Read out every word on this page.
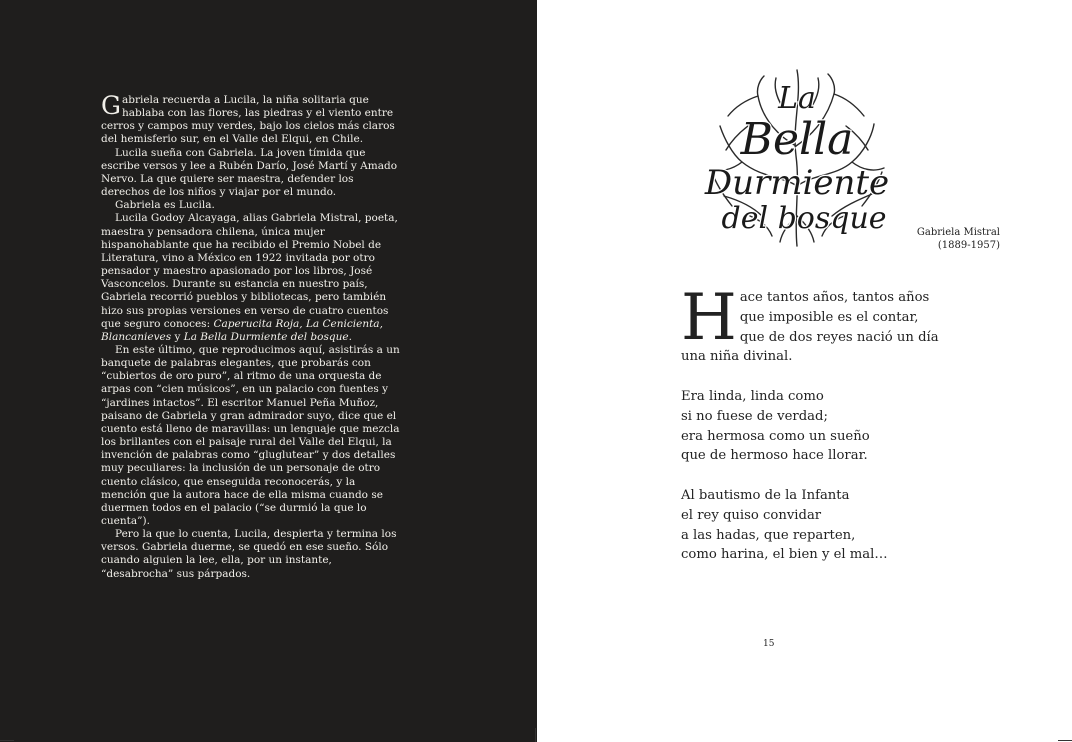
Gabriela recuerda a Lucila, la niña solitaria que hablaba con las flores, las piedras y el viento entre cerros y campos muy verdes, bajo los cielos más claros del hemisferio sur, en el Valle del Elqui, en Chile.

Lucila sueña con Gabriela. La joven tímida que escribe versos y lee a Rubén Darío, José Martí y Amado Nervo. La que quiere ser maestra, defender los derechos de los niños y viajar por el mundo.

Gabriela es Lucila.

Lucila Godoy Alcayaga, alias Gabriela Mistral, poeta, maestra y pensadora chilena, única mujer hispanohablante que ha recibido el Premio Nobel de Literatura, vino a México en 1922 invitada por otro pensador y maestro apasionado por los libros, José Vasconcelos. Durante su estancia en nuestro país, Gabriela recorrió pueblos y bibliotecas, pero también hizo sus propias versiones en verso de cuatro cuentos que seguro conoces: Caperucita Roja, La Cenicienta, Blancanieves y La Bella Durmiente del bosque.

En este último, que reproducimos aquí, asistirás a un banquete de palabras elegantes, que probarás con “cubiertos de oro puro”, al ritmo de una orquesta de arpas con “cien músicos”, en un palacio con fuentes y “jardines intactos”. El escritor Manuel Peña Muñoz, paisano de Gabriela y gran admirador suyo, dice que el cuento está lleno de maravillas: un lenguaje que mezcla los brillantes con el paisaje rural del Valle del Elqui, la invención de palabras como “gluglutear” y dos detalles muy peculiares: la inclusión de un personaje de otro cuento clásico, que enseguida reconocerás, y la mención que la autora hace de ella misma cuando se duermen todos en el palacio (“se durmió la que lo cuenta”).

Pero la que lo cuenta, Lucila, despierta y termina los versos. Gabriela duerme, se quedó en ese sueño. Sólo cuando alguien la lee, ella, por un instante, “desabrocha” sus párpados.

La
Bella
Durmiente
del bosque	Gabriela Mistral
(1889-1957)
H ace tantos años, tantos años
que imposible es el contar,
que de dos reyes nació un día
una niña divinal.
Era linda, linda como
si no fuese de verdad;
era hermosa como un sueño
que de hermoso hace llorar.
Al bautismo de la Infanta
el rey quiso convidar
a las hadas, que reparten,
como harina, el bien y el mal…
15
